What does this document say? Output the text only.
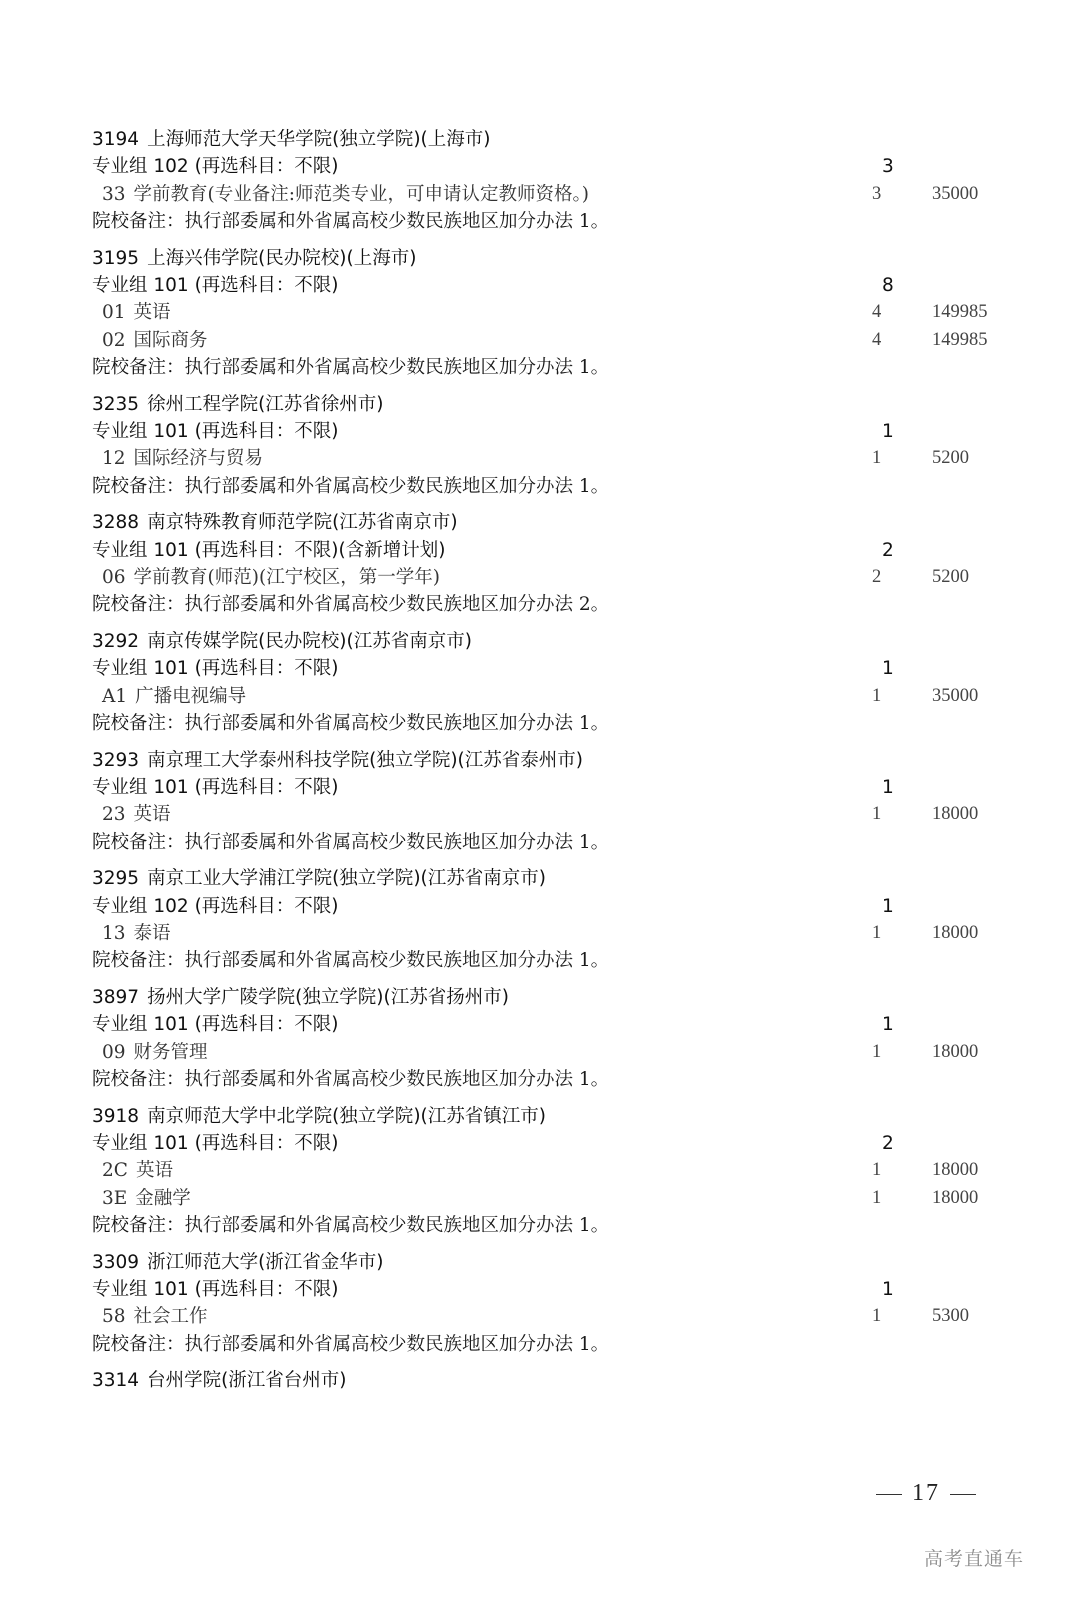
3194 上海师范大学天华学院(独立学院)(上海市)
专业组 102 (再选科目：不限)	3
33 学前教育(专业备注:师范类专业，可申请认定教师资格。)	3	35000
院校备注：执行部委属和外省属高校少数民族地区加分办法 1。
3195 上海兴伟学院(民办院校)(上海市)
专业组 101 (再选科目：不限)	8
01 英语	4	149985
02 国际商务	4	149985
院校备注：执行部委属和外省属高校少数民族地区加分办法 1。
3235 徐州工程学院(江苏省徐州市)
专业组 101 (再选科目：不限)	1
12 国际经济与贸易	1	5200
院校备注：执行部委属和外省属高校少数民族地区加分办法 1。
3288 南京特殊教育师范学院(江苏省南京市)
专业组 101 (再选科目：不限)(含新增计划)	2
06 学前教育(师范)(江宁校区，第一学年)	2	5200
院校备注：执行部委属和外省属高校少数民族地区加分办法 2。
3292 南京传媒学院(民办院校)(江苏省南京市)
专业组 101 (再选科目：不限)	1
A1 广播电视编导	1	35000
院校备注：执行部委属和外省属高校少数民族地区加分办法 1。
3293 南京理工大学泰州科技学院(独立学院)(江苏省泰州市)
专业组 101 (再选科目：不限)	1
23 英语	1	18000
院校备注：执行部委属和外省属高校少数民族地区加分办法 1。
3295 南京工业大学浦江学院(独立学院)(江苏省南京市)
专业组 102 (再选科目：不限)	1
13 泰语	1	18000
院校备注：执行部委属和外省属高校少数民族地区加分办法 1。
3897 扬州大学广陵学院(独立学院)(江苏省扬州市)
专业组 101 (再选科目：不限)	1
09 财务管理	1	18000
院校备注：执行部委属和外省属高校少数民族地区加分办法 1。
3918 南京师范大学中北学院(独立学院)(江苏省镇江市)
专业组 101 (再选科目：不限)	2
2C 英语	1	18000
3E 金融学	1	18000
院校备注：执行部委属和外省属高校少数民族地区加分办法 1。
3309 浙江师范大学(浙江省金华市)
专业组 101 (再选科目：不限)	1
58 社会工作	1	5300
院校备注：执行部委属和外省属高校少数民族地区加分办法 1。
3314 台州学院(浙江省台州市)
17
高考直通车
